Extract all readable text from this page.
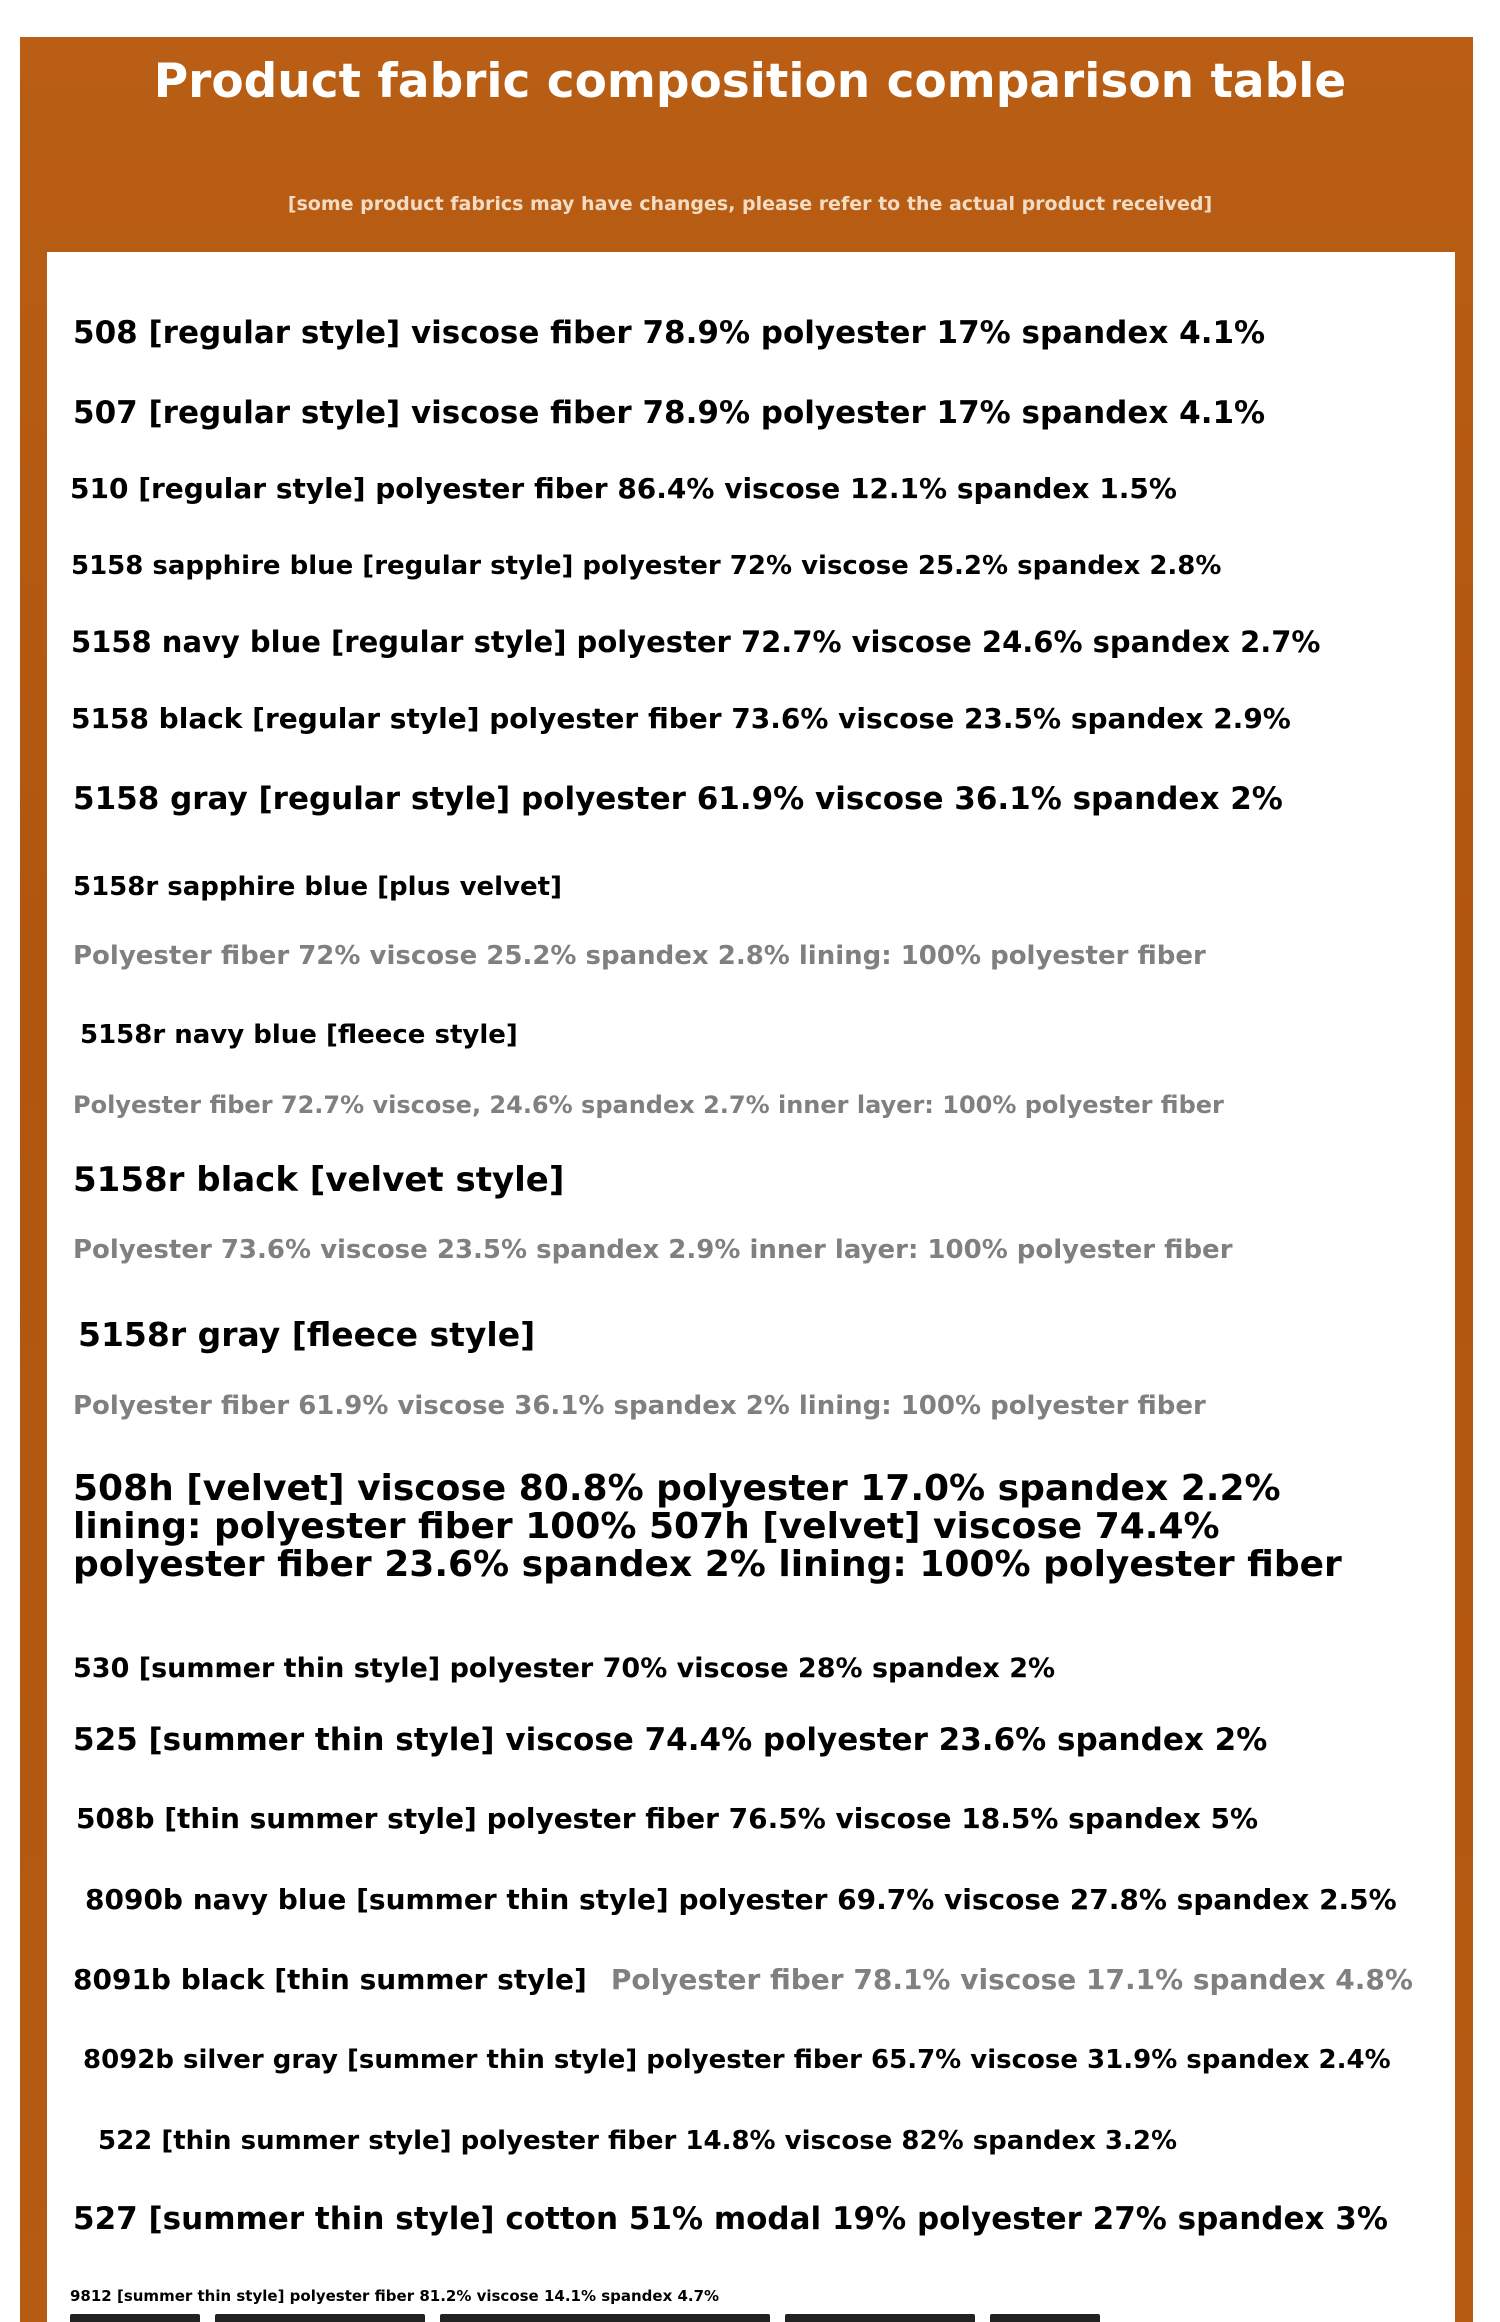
Product fabric composition comparison table
[some product fabrics may have changes, please refer to the actual product received]
508 [regular style] viscose fiber 78.9% polyester 17% spandex 4.1%
507 [regular style] viscose fiber 78.9% polyester 17% spandex 4.1%
510 [regular style] polyester fiber 86.4% viscose 12.1% spandex 1.5%
5158 sapphire blue [regular style] polyester 72% viscose 25.2% spandex 2.8%
5158 navy blue [regular style] polyester 72.7% viscose 24.6% spandex 2.7%
5158 black [regular style] polyester fiber 73.6% viscose 23.5% spandex 2.9%
5158 gray [regular style] polyester 61.9% viscose 36.1% spandex 2%
5158r sapphire blue [plus velvet]
Polyester fiber 72% viscose 25.2% spandex 2.8% lining: 100% polyester fiber
5158r navy blue [fleece style]
Polyester fiber 72.7% viscose, 24.6% spandex 2.7% inner layer: 100% polyester fiber
5158r black [velvet style]
Polyester 73.6% viscose 23.5% spandex 2.9% inner layer: 100% polyester fiber
5158r gray [fleece style]
Polyester fiber 61.9% viscose 36.1% spandex 2% lining: 100% polyester fiber
508h [velvet] viscose 80.8% polyester 17.0% spandex 2.2% lining: polyester fiber 100% 507h [velvet] viscose 74.4% polyester fiber 23.6% spandex 2% lining: 100% polyester fiber
530 [summer thin style] polyester 70% viscose 28% spandex 2%
525 [summer thin style] viscose 74.4% polyester 23.6% spandex 2%
508b [thin summer style] polyester fiber 76.5% viscose 18.5% spandex 5%
8090b navy blue [summer thin style] polyester 69.7% viscose 27.8% spandex 2.5%
8091b black [thin summer style] Polyester fiber 78.1% viscose 17.1% spandex 4.8%
8092b silver gray [summer thin style] polyester fiber 65.7% viscose 31.9% spandex 2.4%
522 [thin summer style] polyester fiber 14.8% viscose 82% spandex 3.2%
527 [summer thin style] cotton 51% modal 19% polyester 27% spandex 3%
9812 [summer thin style] polyester fiber 81.2% viscose 14.1% spandex 4.7%
